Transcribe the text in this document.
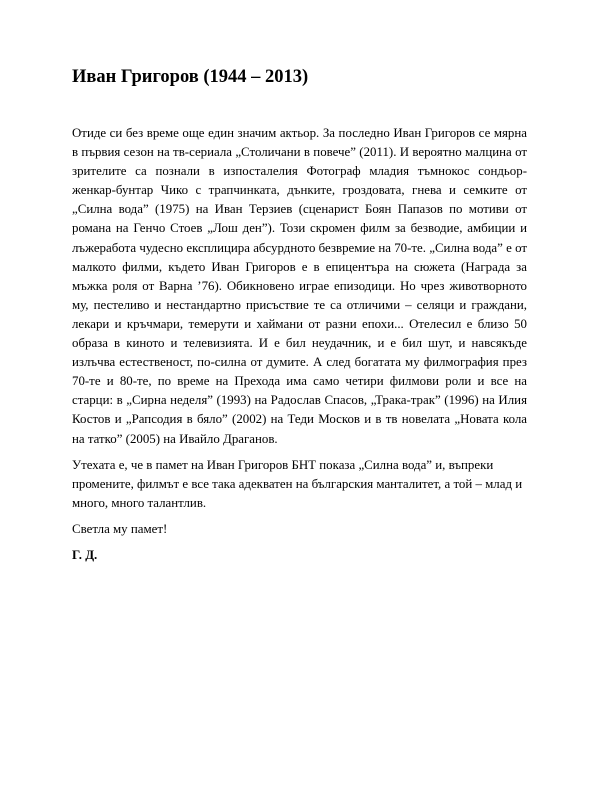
Иван Григоров (1944 – 2013)

Отиде си без време още един значим актьор. За последно Иван Григоров се мярна в първия сезон на тв-сериала „Столичани в повече” (2011). И вероятно малцина от зрителите са познали в изпосталелия Фотограф младия тъмнокос сондьор-женкар-бунтар Чико с трапчинката, дънките, гроздовата, гнева и семките от „Силна вода” (1975) на Иван Терзиев (сценарист Боян Папазов по мотиви от романа на Генчо Стоев „Лош ден”). Този скромен филм за безводие, амбиции и лъжеработа чудесно експлицира абсурдното безвремие на 70-те. „Силна вода” е от малкото филми, където Иван Григоров е в епицентъра на сюжета (Награда за мъжка роля от Варна ’76). Обикновено играе епизодици. Но чрез животворното му, пестеливо и нестандартно присъствие те са отличими – селяци и граждани, лекари и кръчмари, темерути и хаймани от разни епохи... Отелесил е близо 50 образа в киното и телевизията. И е бил неудачник, и е бил шут, и навсякъде излъчва естественост, по-силна от думите. А след богатата му филмография през 70-те и 80-те, по време на Прехода има само четири филмови роли и все на старци: в „Сирна неделя” (1993) на Радослав Спасов, „Трака-трак” (1996) на Илия Костов и „Рапсодия в бяло” (2002) на Теди Москов и в тв новелата „Новата кола на татко” (2005) на Ивайло Драганов.

Утехата е, че в памет на Иван Григоров БНТ показа „Силна вода” и, въпреки промените, филмът е все така адекватен на българския манталитет, а той – млад и много, много талантлив.

Светла му памет!

Г. Д.
